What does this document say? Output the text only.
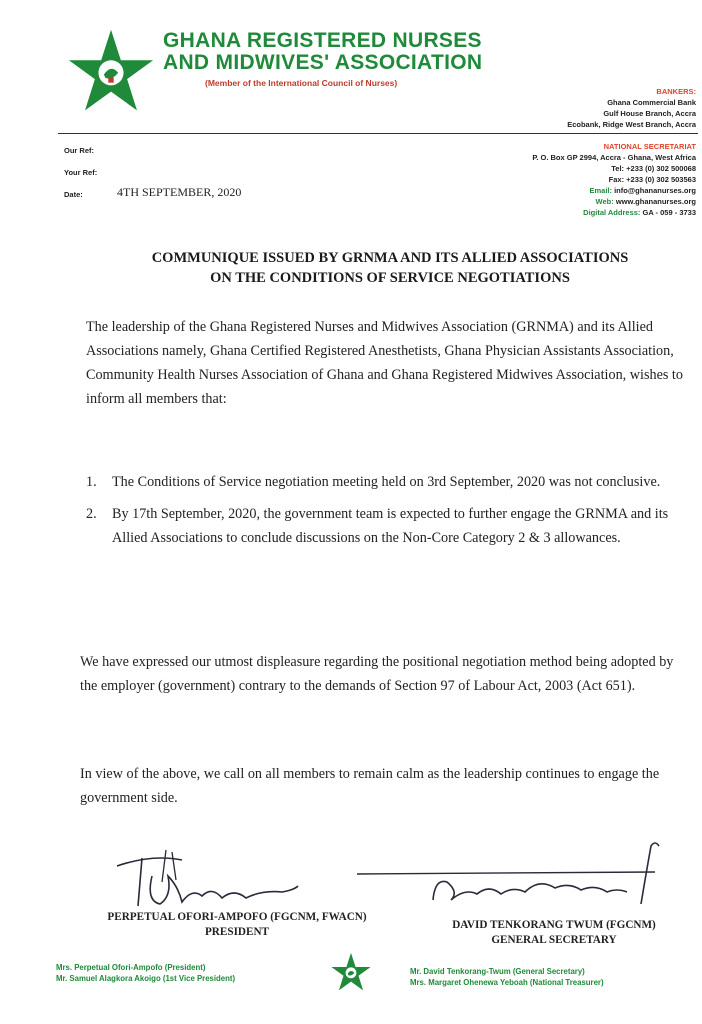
GHANA REGISTERED NURSES
AND MIDWIVES' ASSOCIATION
(Member of the International Council of Nurses)
BANKERS:
Ghana Commercial Bank
Gulf House Branch, Accra
Ecobank, Ridge West Branch, Accra
NATIONAL SECRETARIAT
P. O. Box GP 2994, Accra - Ghana, West Africa
Tel: +233 (0) 302 500068
Fax: +233 (0) 302 503563
Email: info@ghananurses.org
Web: www.ghananurses.org
Digital Address: GA - 059 - 3733
Our Ref:
Your Ref:
Date:	4TH SEPTEMBER, 2020
COMMUNIQUE ISSUED BY GRNMA AND ITS ALLIED ASSOCIATIONS
ON THE CONDITIONS OF SERVICE NEGOTIATIONS
The leadership of the Ghana Registered Nurses and Midwives Association (GRNMA) and its Allied Associations namely, Ghana Certified Registered Anesthetists, Ghana Physician Assistants Association, Community Health Nurses Association of Ghana and Ghana Registered Midwives Association, wishes to inform all members that:
1. The Conditions of Service negotiation meeting held on 3rd September, 2020 was not conclusive.
2. By 17th September, 2020, the government team is expected to further engage the GRNMA and its Allied Associations to conclude discussions on the Non-Core Category 2 & 3 allowances.
We have expressed our utmost displeasure regarding the positional negotiation method being adopted by the employer (government) contrary to the demands of Section 97 of Labour Act, 2003 (Act 651).
In view of the above, we call on all members to remain calm as the leadership continues to engage the government side.
PERPETUAL OFORI-AMPOFO (FGCNM, FWACN)
PRESIDENT
DAVID TENKORANG TWUM (FGCNM)
GENERAL SECRETARY
Mrs. Perpetual Ofori-Ampofo (President)
Mr. Samuel Alagkora Akoigo (1st Vice President)
Mr. David Tenkorang-Twum (General Secretary)
Mrs. Margaret Ohenewa Yeboah (National Treasurer)
